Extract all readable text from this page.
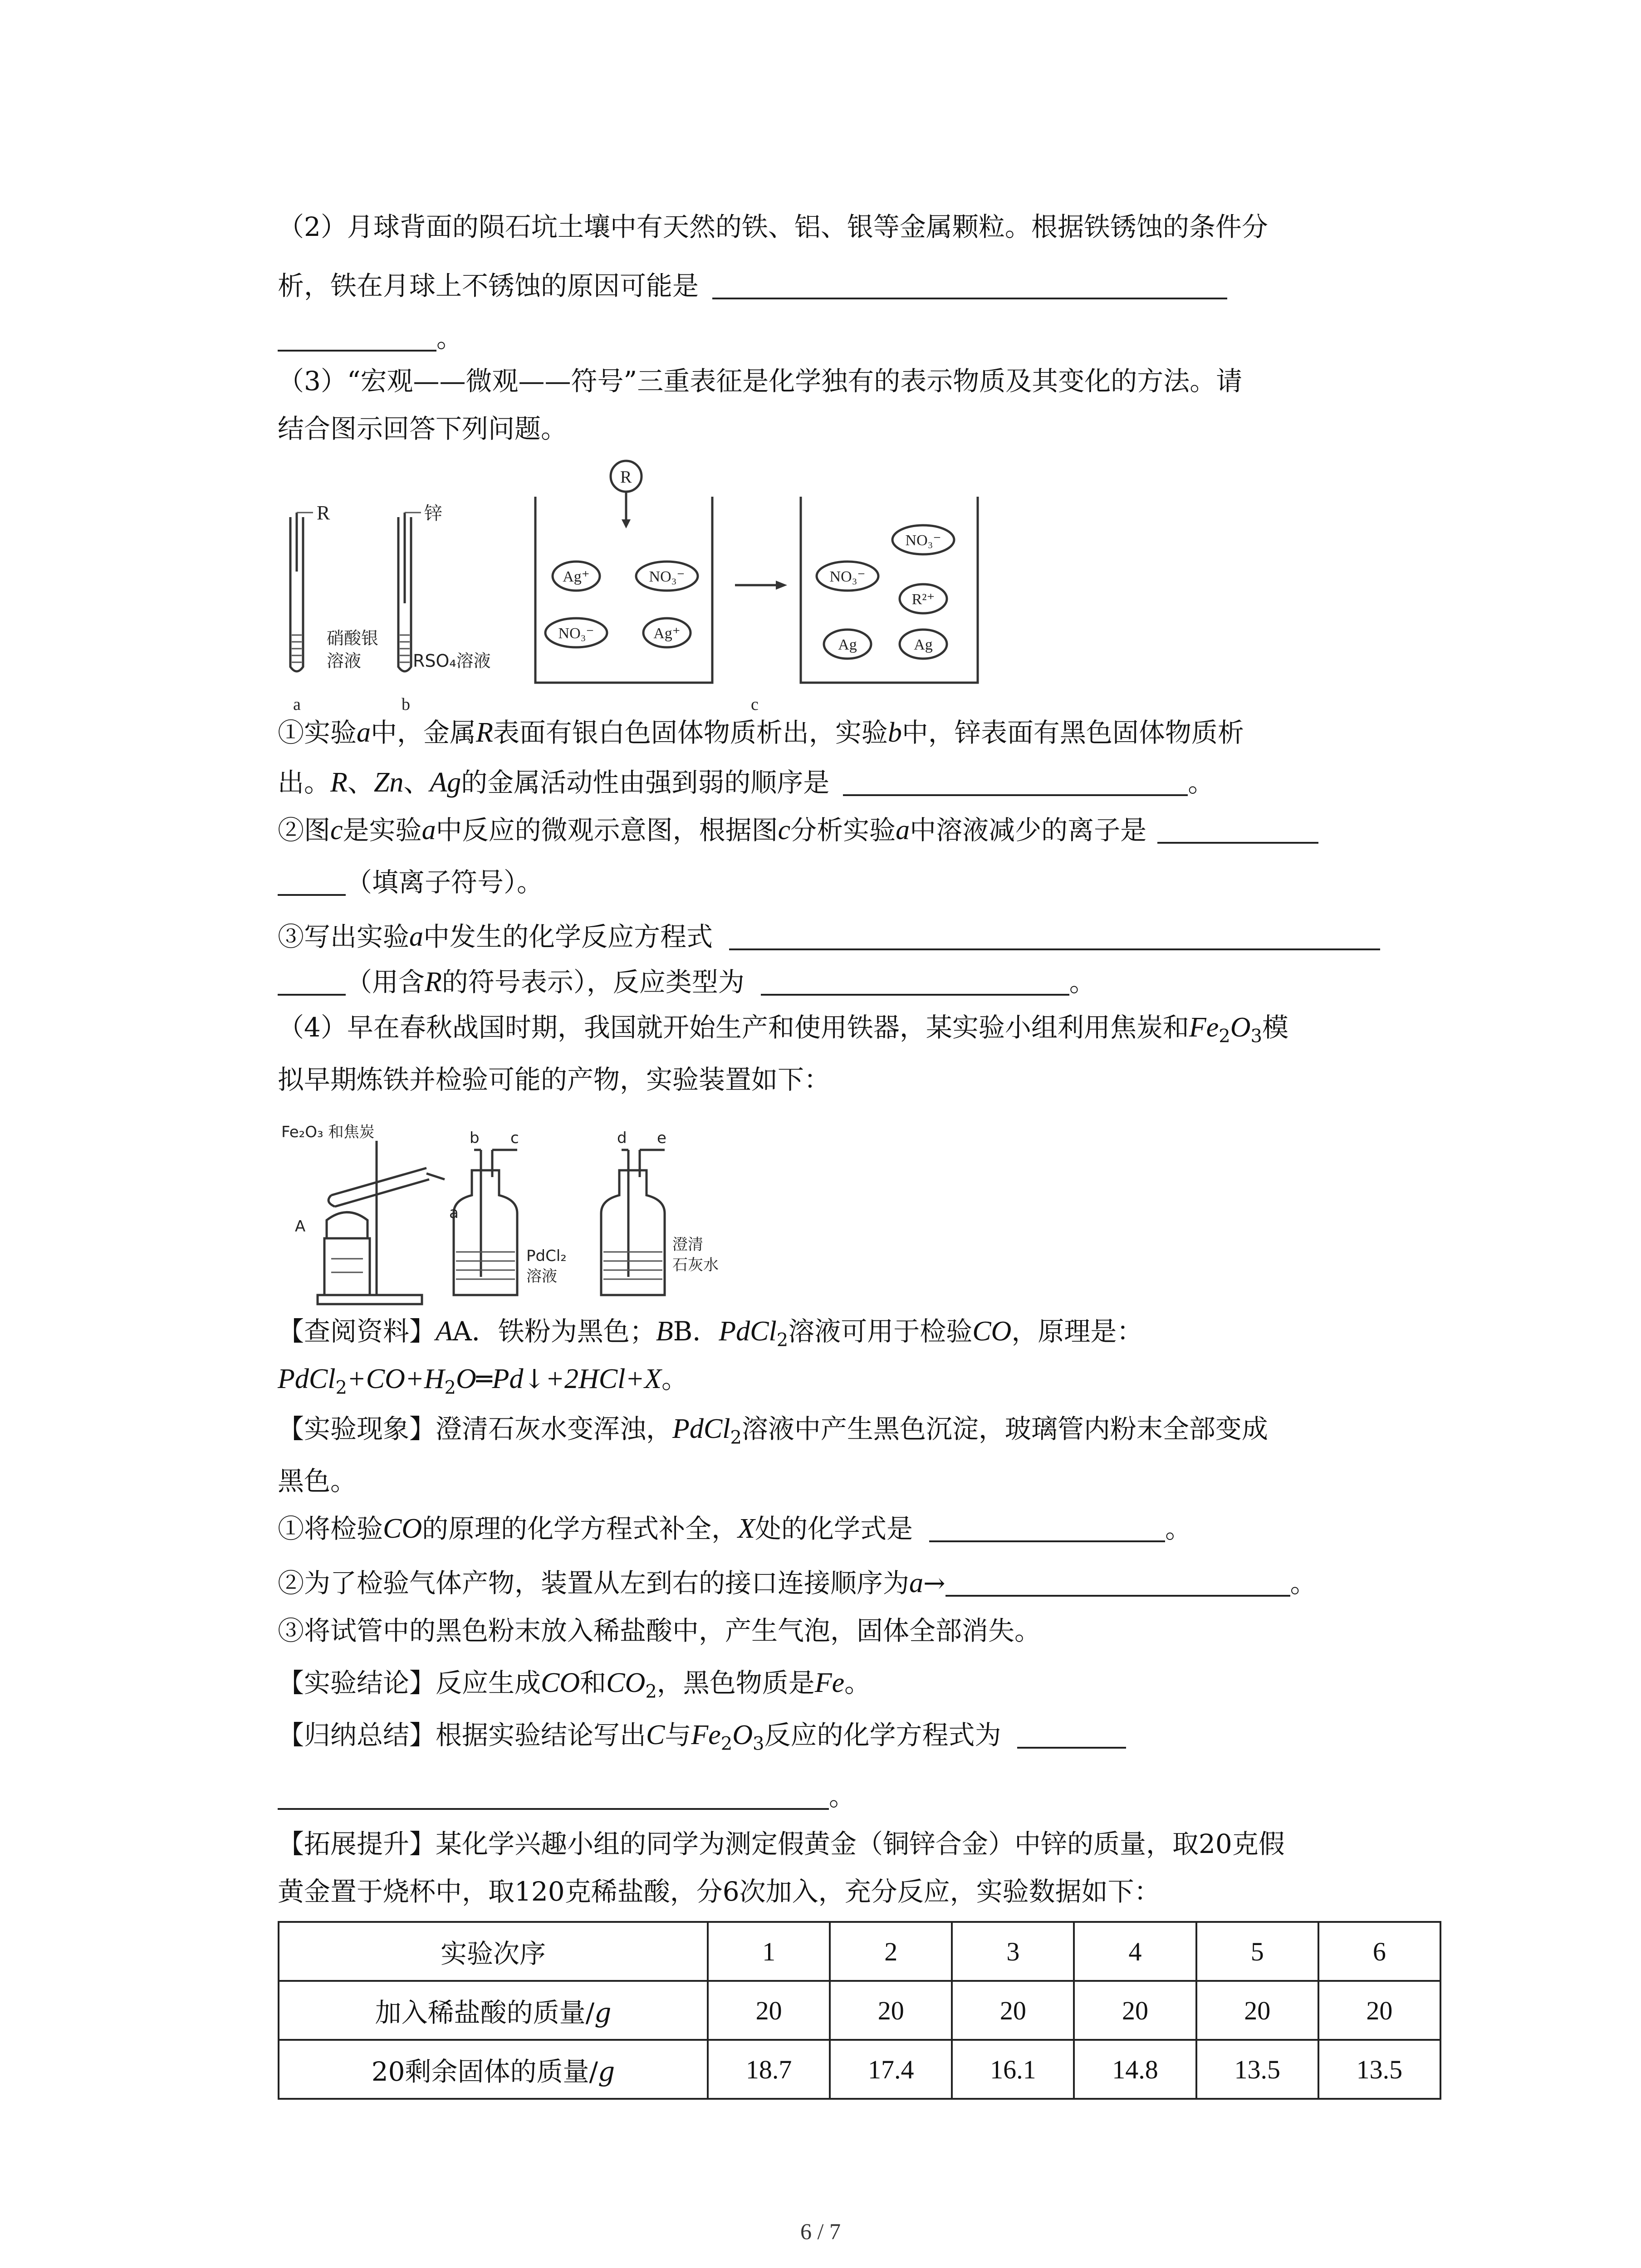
（2）月球背面的陨石坑土壤中有天然的铁、铝、银等金属颗粒。根据铁锈蚀的条件分
析，铁在月球上不锈蚀的原因可能是
。
（3）“宏观——微观——符号”三重表征是化学独有的表示物质及其变化的方法。请
结合图示回答下列问题。
R	锌
硝酸银
溶液	RSO₄溶液
a	b	c
R
Ag⁺	NO₃⁻
NO₃⁻	Ag⁺
NO₃⁻
NO₃⁻
R²⁺
Ag	Ag
①实验a中，金属R表面有银白色固体物质析出，实验b中，锌表面有黑色固体物质析
出。R、Zn、Ag的金属活动性由强到弱的顺序是	。
②图c是实验a中反应的微观示意图，根据图c分析实验a中溶液减少的离子是
（填离子符号）。
③写出实验a中发生的化学反应方程式
（用含R的符号表示），反应类型为	。
（4）早在春秋战国时期，我国就开始生产和使用铁器，某实验小组利用焦炭和$Fe_2O_3$模
拟早期炼铁并检验可能的产物，实验装置如下：
Fe₂O₃ 和焦炭
A
a
b c	d e
PdCl₂
溶液
澄清
石灰水
【查阅资料】AA．铁粉为黑色；BB．PdCl$_2$溶液可用于检验CO，原理是：
$PdCl_2+CO+H_2O═Pd↓+2HCl+X$。
【实验现象】澄清石灰水变浑浊，PdCl$_2$溶液中产生黑色沉淀，玻璃管内粉末全部变成
黑色。
①将检验CO的原理的化学方程式补全，X处的化学式是	。
②为了检验气体产物，装置从左到右的接口连接顺序为a→	。
③将试管中的黑色粉末放入稀盐酸中，产生气泡，固体全部消失。
【实验结论】反应生成CO和$CO_2$，黑色物质是Fe。
【归纳总结】根据实验结论写出C与$Fe_2O_3$反应的化学方程式为
。
【拓展提升】某化学兴趣小组的同学为测定假黄金（铜锌合金）中锌的质量，取20克假
黄金置于烧杯中，取120克稀盐酸，分6次加入，充分反应，实验数据如下：
实验次序	1	2	3	4	5	6
加入稀盐酸的质量/g	20	20	20	20	20	20
20剩余固体的质量/g	18.7	17.4	16.1	14.8	13.5	13.5
6 / 7
